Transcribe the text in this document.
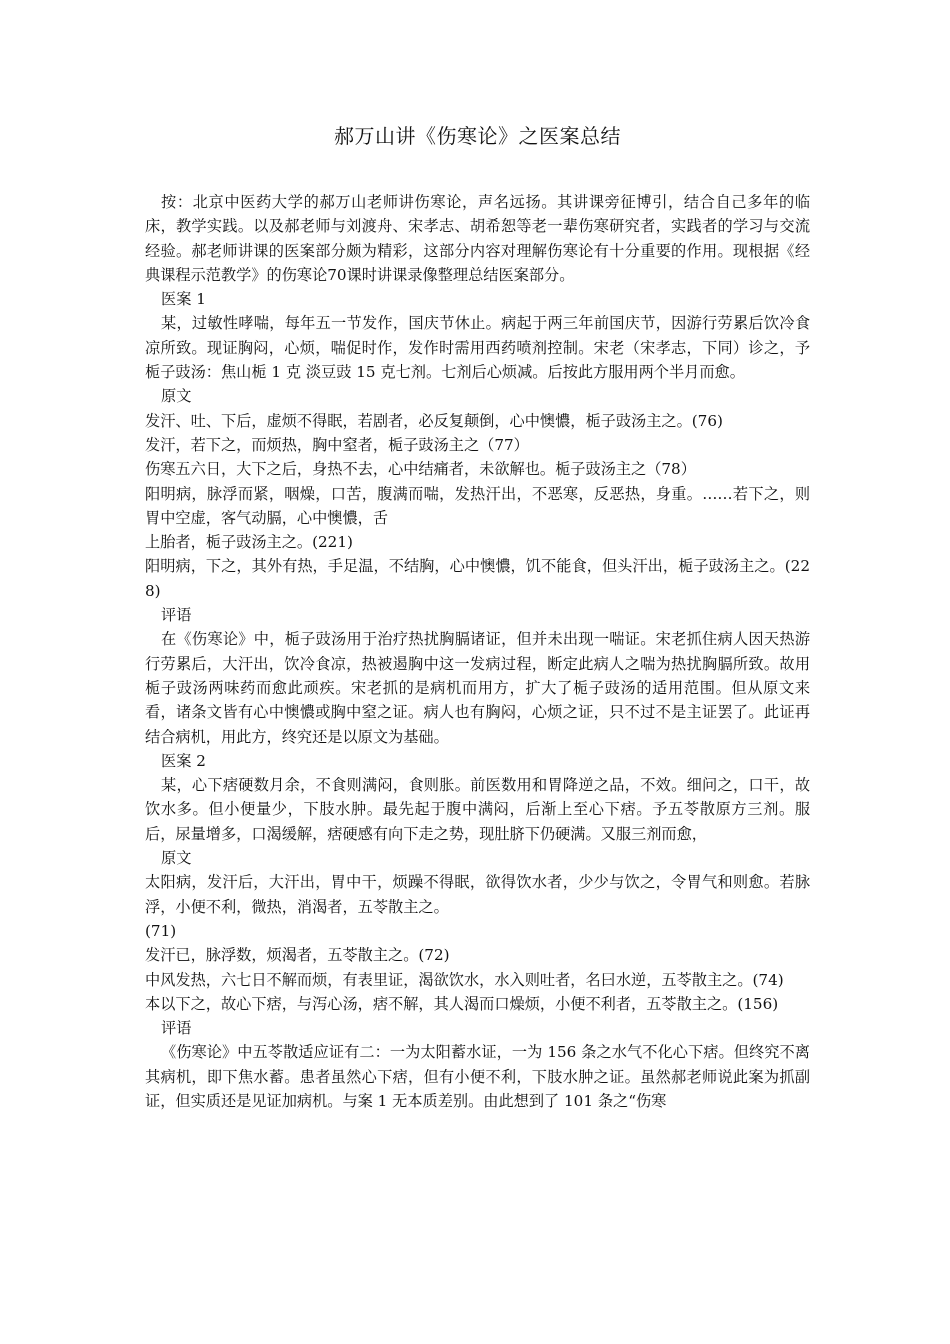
郝万山讲《伤寒论》之医案总结

按：北京中医药大学的郝万山老师讲伤寒论，声名远扬。其讲课旁征博引，结合自己多年的临床，教学实践。以及郝老师与刘渡舟、宋孝志、胡希恕等老一辈伤寒研究者，实践者的学习与交流经验。郝老师讲课的医案部分颇为精彩，这部分内容对理解伤寒论有十分重要的作用。现根据《经典课程示范教学》的伤寒论70课时讲课录像整理总结医案部分。

医案 1

某，过敏性哮喘，每年五一节发作，国庆节休止。病起于两三年前国庆节，因游行劳累后饮冷食凉所致。现证胸闷，心烦，喘促时作，发作时需用西药喷剂控制。宋老（宋孝志，下同）诊之，予栀子豉汤：焦山栀 1 克 淡豆豉 15 克七剂。七剂后心烦减。后按此方服用两个半月而愈。

原文

发汗、吐、下后，虚烦不得眠，若剧者，必反复颠倒，心中懊憹，栀子豉汤主之。(76)

发汗，若下之，而烦热，胸中窒者，栀子豉汤主之（77）

伤寒五六日，大下之后，身热不去，心中结痛者，未欲解也。栀子豉汤主之（78）

阳明病，脉浮而紧，咽燥，口苦，腹满而喘，发热汗出，不恶寒，反恶热，身重。……若下之，则胃中空虚，客气动膈，心中懊憹，舌

上胎者，栀子豉汤主之。(221)

阳明病，下之，其外有热，手足温，不结胸，心中懊憹，饥不能食，但头汗出，栀子豉汤主之。(228)

评语

在《伤寒论》中，栀子豉汤用于治疗热扰胸膈诸证，但并未出现一喘证。宋老抓住病人因天热游行劳累后，大汗出，饮冷食凉，热被遏胸中这一发病过程，断定此病人之喘为热扰胸膈所致。故用栀子豉汤两味药而愈此顽疾。宋老抓的是病机而用方，扩大了栀子豉汤的适用范围。但从原文来看，诸条文皆有心中懊憹或胸中窒之证。病人也有胸闷，心烦之证，只不过不是主证罢了。此证再结合病机，用此方，终究还是以原文为基础。

医案 2

某，心下痞硬数月余，不食则满闷，食则胀。前医数用和胃降逆之品，不效。细问之，口干，故饮水多。但小便量少，下肢水肿。最先起于腹中满闷，后渐上至心下痞。予五苓散原方三剂。服后，尿量增多，口渴缓解，痞硬感有向下走之势，现肚脐下仍硬满。又服三剂而愈，

原文

太阳病，发汗后，大汗出，胃中干，烦躁不得眠，欲得饮水者，少少与饮之，令胃气和则愈。若脉浮，小便不利，微热，消渴者，五苓散主之。

(71)

发汗已，脉浮数，烦渴者，五苓散主之。(72)

中风发热，六七日不解而烦，有表里证，渴欲饮水，水入则吐者，名曰水逆，五苓散主之。(74)

本以下之，故心下痞，与泻心汤，痞不解，其人渴而口燥烦，小便不利者，五苓散主之。(156)

评语

《伤寒论》中五苓散适应证有二：一为太阳蓄水证，一为 156 条之水气不化心下痞。但终究不离其病机，即下焦水蓄。患者虽然心下痞，但有小便不利，下肢水肿之证。虽然郝老师说此案为抓副证，但实质还是见证加病机。与案 1 无本质差别。由此想到了 101 条之“伤寒
